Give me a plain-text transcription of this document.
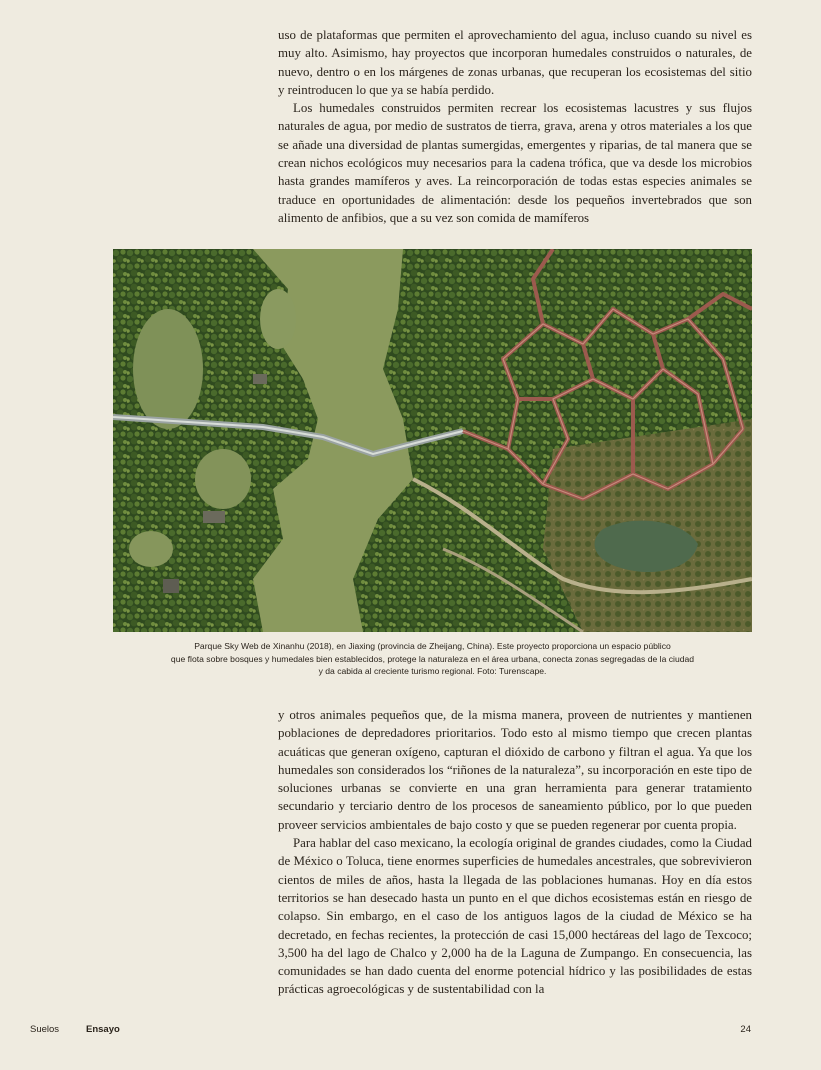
uso de plataformas que permiten el aprovechamiento del agua, incluso cuando su nivel es muy alto. Asimismo, hay proyectos que incorporan humedales construidos o naturales, de nuevo, dentro o en los márgenes de zonas urbanas, que recuperan los ecosistemas del sitio y reintroducen lo que ya se había perdido.

Los humedales construidos permiten recrear los ecosistemas lacustres y sus flujos naturales de agua, por medio de sustratos de tierra, grava, arena y otros materiales a los que se añade una diversidad de plantas sumergidas, emergentes y riparias, de tal manera que se crean nichos ecológicos muy necesarios para la cadena trófica, que va desde los microbios hasta grandes mamíferos y aves. La reincorporación de todas estas especies animales se traduce en oportunidades de alimentación: desde los pequeños invertebrados que son alimento de anfibios, que a su vez son comida de mamíferos

Parque Sky Web de Xinanhu (2018), en Jiaxing (provincia de Zheijang, China). Este proyecto proporciona un espacio público
que flota sobre bosques y humedales bien establecidos, protege la naturaleza en el área urbana, conecta zonas segregadas de la ciudad
y da cabida al creciente turismo regional. Foto: Turenscape.

y otros animales pequeños que, de la misma manera, proveen de nutrientes y mantienen poblaciones de depredadores prioritarios. Todo esto al mismo tiempo que crecen plantas acuáticas que generan oxígeno, capturan el dióxido de carbono y filtran el agua. Ya que los humedales son considerados los “riñones de la naturaleza”, su incorporación en este tipo de soluciones urbanas se convierte en una gran herramienta para generar tratamiento secundario y terciario dentro de los procesos de saneamiento público, por lo que pueden proveer servicios ambientales de bajo costo y que se pueden regenerar por cuenta propia.

Para hablar del caso mexicano, la ecología original de grandes ciudades, como la Ciudad de México o Toluca, tiene enormes superficies de humedales ancestrales, que sobrevivieron cientos de miles de años, hasta la llegada de las poblaciones humanas. Hoy en día estos territorios se han desecado hasta un punto en el que dichos ecosistemas están en riesgo de colapso. Sin embargo, en el caso de los antiguos lagos de la ciudad de México se ha decretado, en fechas recientes, la protección de casi 15,000 hectáreas del lago de Texcoco; 3,500 ha del lago de Chalco y 2,000 ha de la Laguna de Zumpango. En consecuencia, las comunidades se han dado cuenta del enorme potencial hídrico y las posibilidades de estas prácticas agroecológicas y de sustentabilidad con la

Suelos	Ensayo	24
